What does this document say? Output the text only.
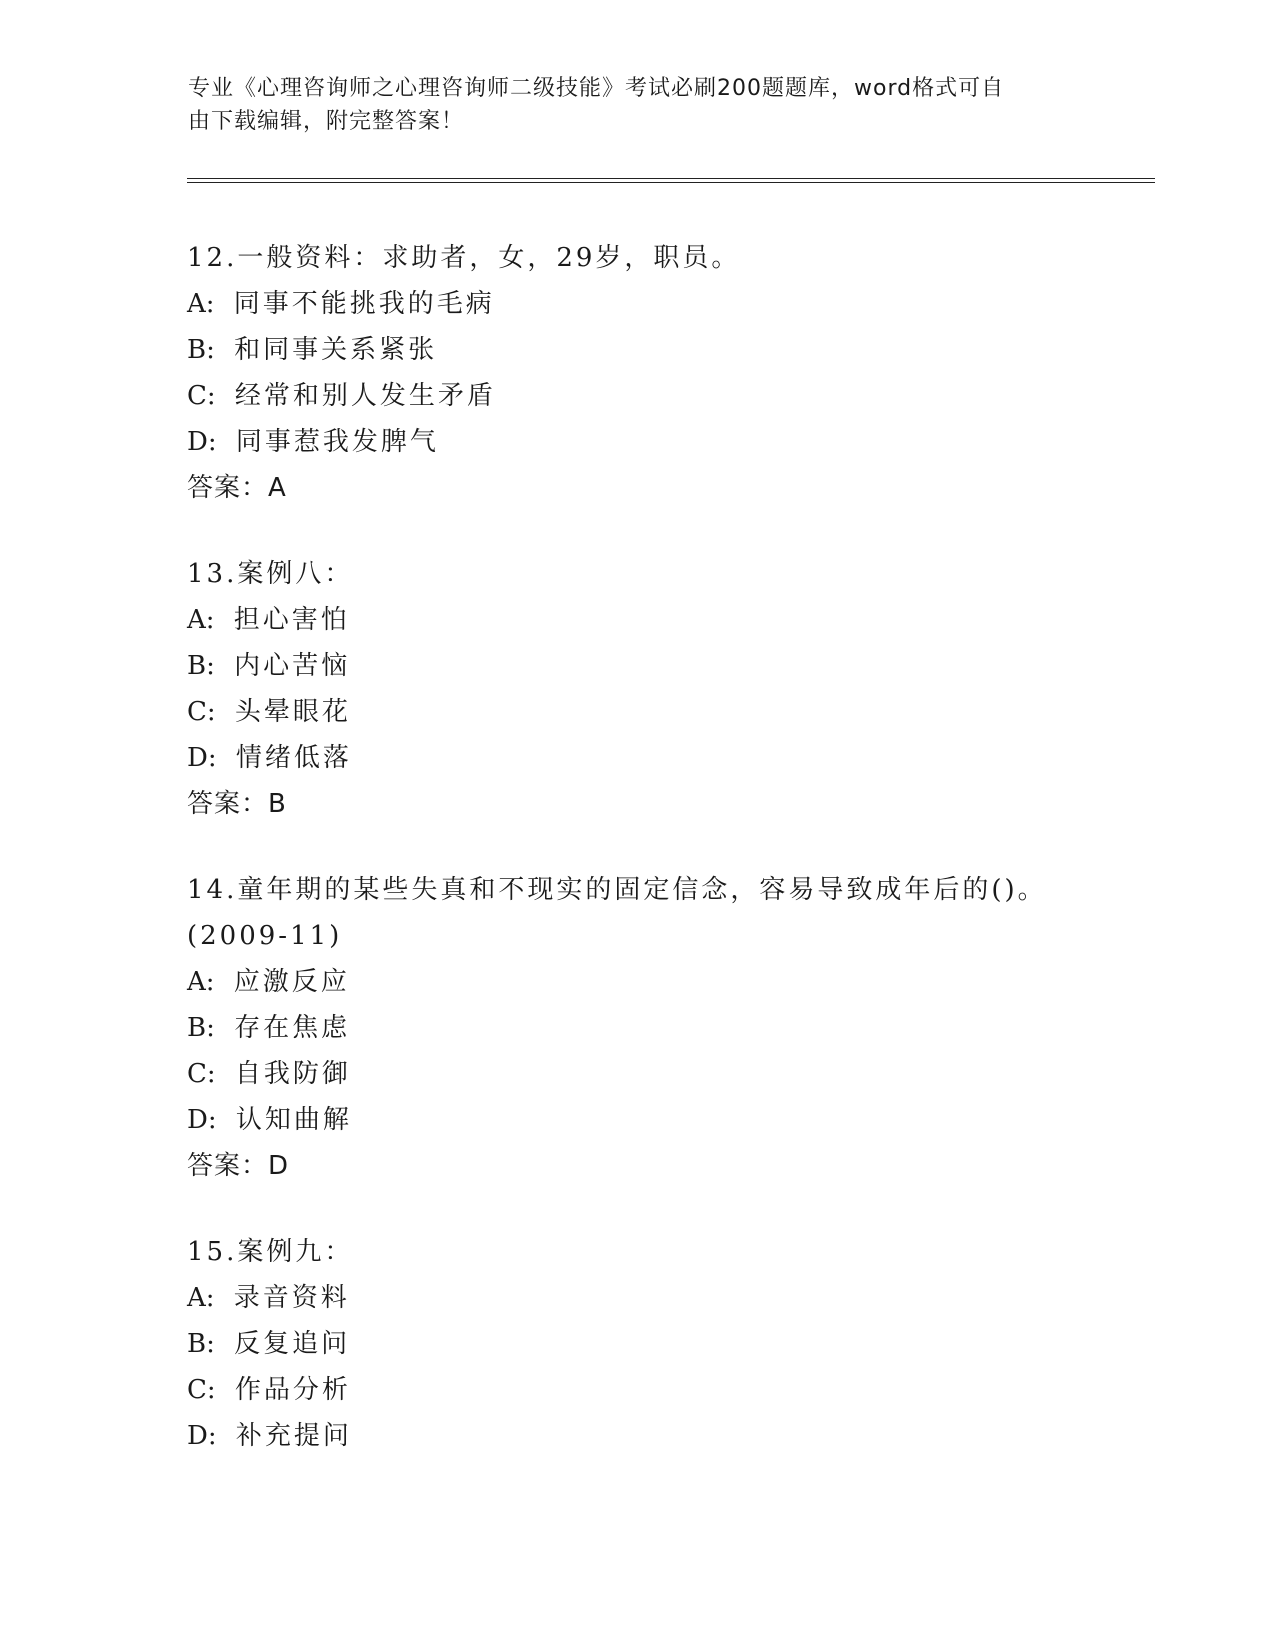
专业《心理咨询师之心理咨询师二级技能》考试必刷200题题库，word格式可自
由下载编辑，附完整答案！
12.一般资料：求助者，女，29岁，职员。
A: 同事不能挑我的毛病
B: 和同事关系紧张
C: 经常和别人发生矛盾
D: 同事惹我发脾气
答案：A
13.案例八：
A: 担心害怕
B: 内心苦恼
C: 头晕眼花
D: 情绪低落
答案：B
14.童年期的某些失真和不现实的固定信念，容易导致成年后的()。
(2009-11)
A: 应激反应
B: 存在焦虑
C: 自我防御
D: 认知曲解
答案：D
15.案例九：
A: 录音资料
B: 反复追问
C: 作品分析
D: 补充提问
